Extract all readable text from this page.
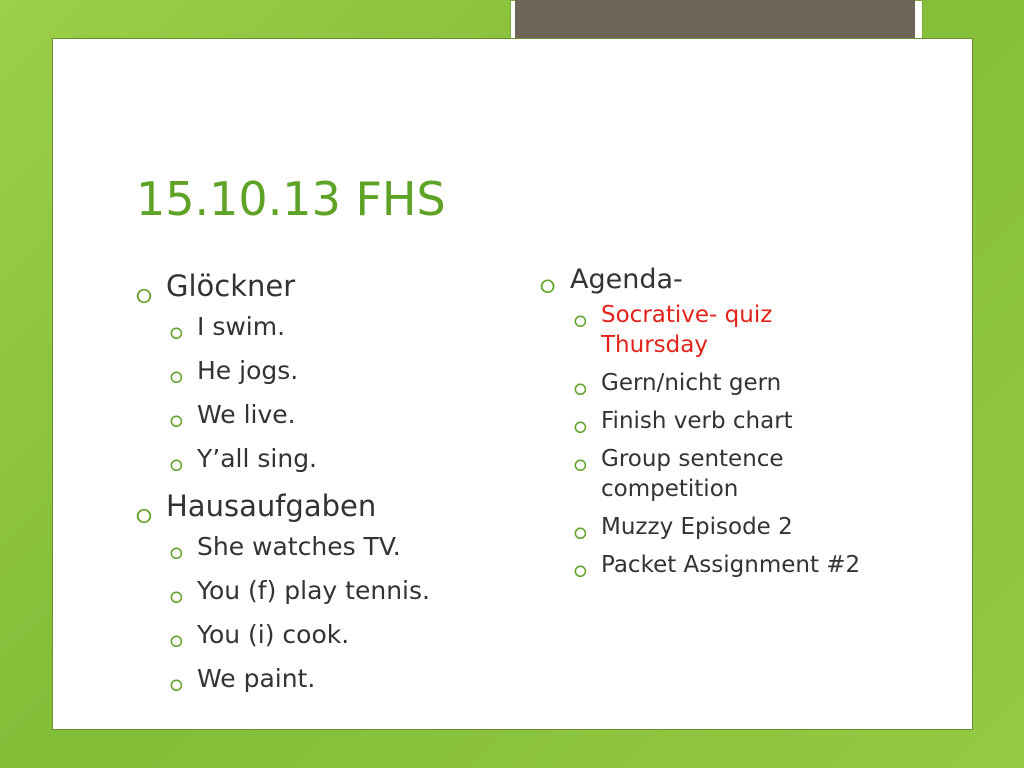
15.10.13 FHS
⭘ Glöckner
⭘ I swim.
⭘ He jogs.
⭘ We live.
⭘ Y’all sing.
⭘ Hausaufgaben
⭘ She watches TV.
⭘ You (f) play tennis.
⭘ You (i) cook.
⭘ We paint.
⭘ Agenda-
⭘ Socrative- quiz Thursday
⭘ Gern/nicht gern
⭘ Finish verb chart
⭘ Group sentence competition
⭘ Muzzy Episode 2
⭘ Packet Assignment #2
